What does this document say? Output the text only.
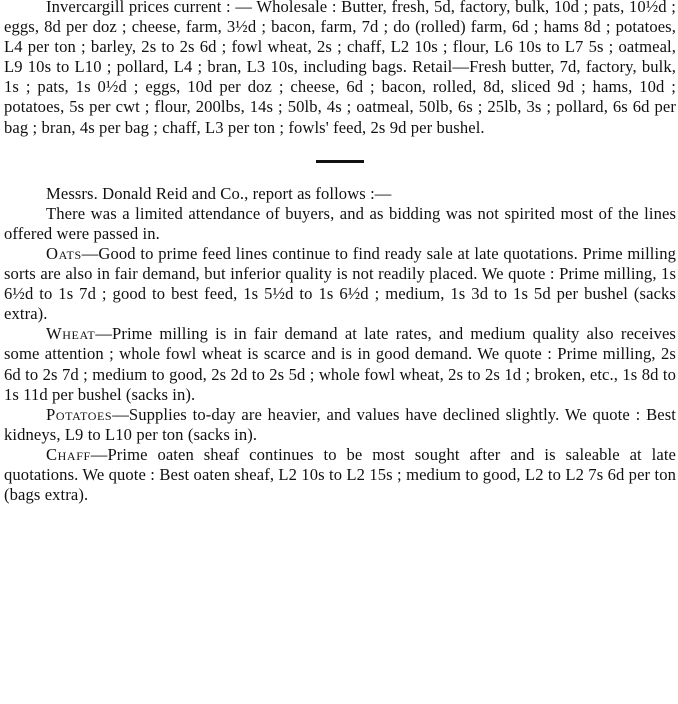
Invercargill prices current : — Wholesale : Butter, fresh, 5d, factory, bulk, 10d ; pats, 10½d ; eggs, 8d per doz ; cheese, farm, 3½d ; bacon, farm, 7d ; do (rolled) farm, 6d ; hams 8d ; potatoes, L4 per ton ; barley, 2s to 2s 6d ; fowl wheat, 2s ; chaff, L2 10s ; flour, L6 10s to L7 5s ; oatmeal, L9 10s to L10 ; pollard, L4 ; bran, L3 10s, including bags. Retail—Fresh butter, 7d, factory, bulk, 1s ; pats, 1s 0½d ; eggs, 10d per doz ; cheese, 6d ; bacon, rolled, 8d, sliced 9d ; hams, 10d ; potatoes, 5s per cwt ; flour, 200lbs, 14s ; 50lb, 4s ; oatmeal, 50lb, 6s ; 25lb, 3s ; pollard, 6s 6d per bag ; bran, 4s per bag ; chaff, L3 per ton ; fowls' feed, 2s 9d per bushel.

Messrs. Donald Reid and Co., report as follows :—

There was a limited attendance of buyers, and as bidding was not spirited most of the lines offered were passed in.

Oats—Good to prime feed lines continue to find ready sale at late quotations. Prime milling sorts are also in fair demand, but inferior quality is not readily placed. We quote : Prime milling, 1s 6½d to 1s 7d ; good to best feed, 1s 5½d to 1s 6½d ; medium, 1s 3d to 1s 5d per bushel (sacks extra).

Wheat—Prime milling is in fair demand at late rates, and medium quality also receives some attention ; whole fowl wheat is scarce and is in good demand. We quote : Prime milling, 2s 6d to 2s 7d ; medium to good, 2s 2d to 2s 5d ; whole fowl wheat, 2s to 2s 1d ; broken, etc., 1s 8d to 1s 11d per bushel (sacks in).

Potatoes—Supplies to-day are heavier, and values have declined slightly. We quote : Best kidneys, L9 to L10 per ton (sacks in).

Chaff—Prime oaten sheaf continues to be most sought after and is saleable at late quotations. We quote : Best oaten sheaf, L2 10s to L2 15s ; medium to good, L2 to L2 7s 6d per ton (bags extra).
